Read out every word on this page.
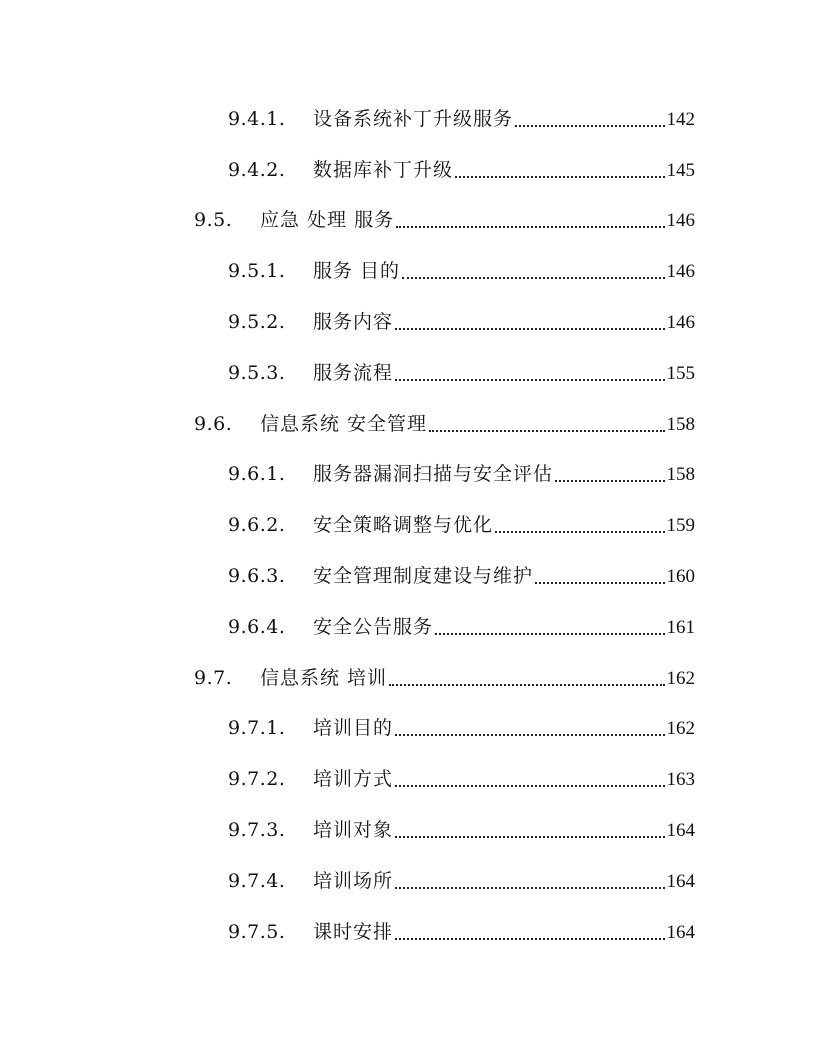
9.4.1. 设备系统补丁升级服务	142
9.4.2. 数据库补丁升级	145
9.5. 应急 处理 服务	146
9.5.1. 服务 目的	146
9.5.2. 服务内容	146
9.5.3. 服务流程	155
9.6. 信息系统 安全管理	158
9.6.1. 服务器漏洞扫描与安全评估	158
9.6.2. 安全策略调整与优化	159
9.6.3. 安全管理制度建设与维护	160
9.6.4. 安全公告服务	161
9.7. 信息系统 培训	162
9.7.1. 培训目的	162
9.7.2. 培训方式	163
9.7.3. 培训对象	164
9.7.4. 培训场所	164
9.7.5. 课时安排	164
